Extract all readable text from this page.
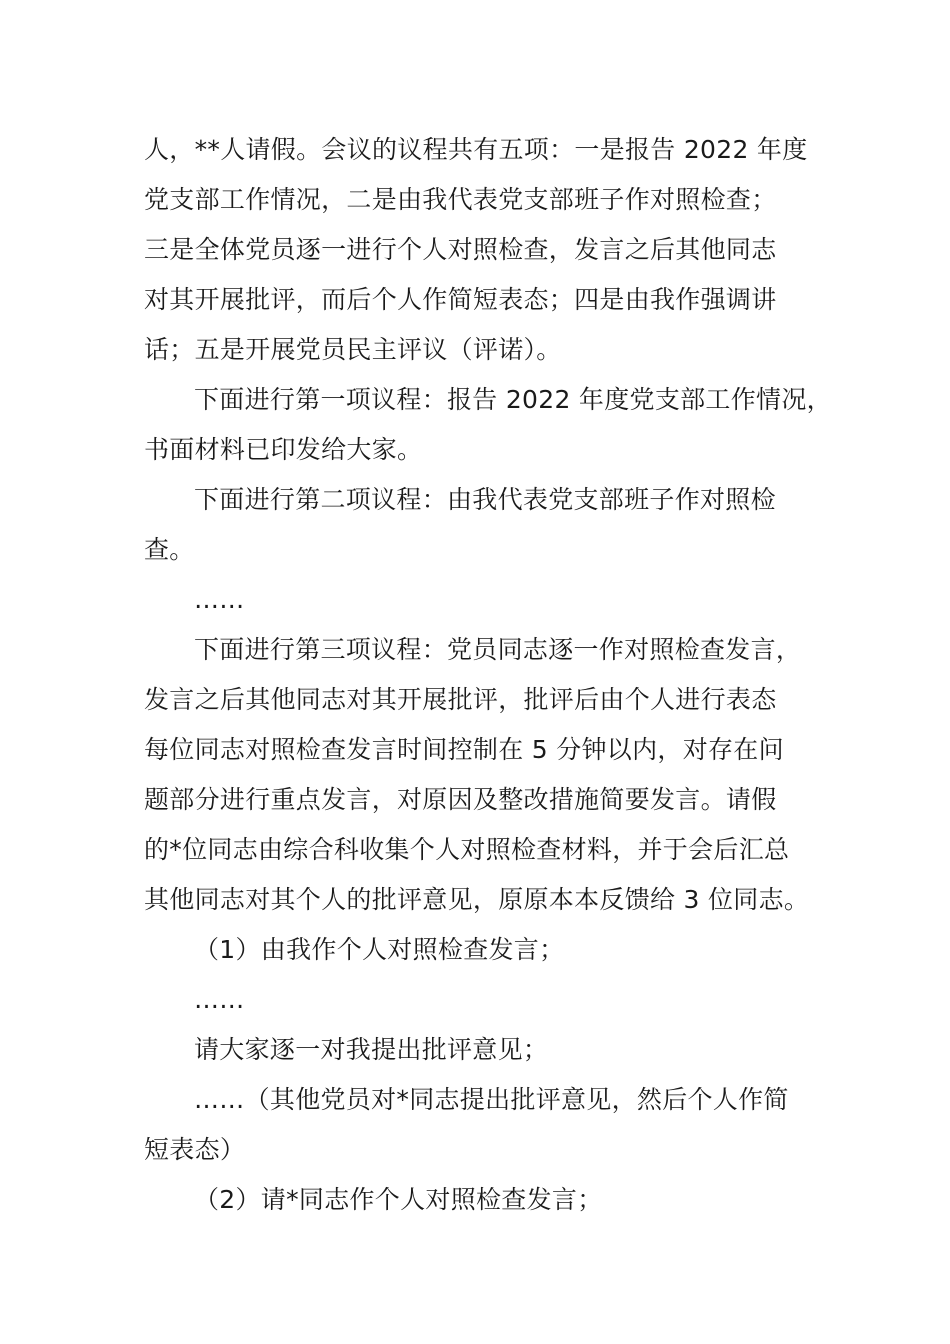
人，**人请假。会议的议程共有五项：一是报告 2022 年度
党支部工作情况，二是由我代表党支部班子作对照检查；
三是全体党员逐一进行个人对照检查，发言之后其他同志
对其开展批评，而后个人作简短表态；四是由我作强调讲
话；五是开展党员民主评议（评诺）。
下面进行第一项议程：报告 2022 年度党支部工作情况，
书面材料已印发给大家。
下面进行第二项议程：由我代表党支部班子作对照检
查。
……
下面进行第三项议程：党员同志逐一作对照检查发言，
发言之后其他同志对其开展批评，批评后由个人进行表态
每位同志对照检查发言时间控制在 5 分钟以内，对存在问
题部分进行重点发言，对原因及整改措施简要发言。请假
的*位同志由综合科收集个人对照检查材料，并于会后汇总
其他同志对其个人的批评意见，原原本本反馈给 3 位同志。
（1）由我作个人对照检查发言；
……
请大家逐一对我提出批评意见；
……（其他党员对*同志提出批评意见，然后个人作简
短表态）
（2）请*同志作个人对照检查发言；
